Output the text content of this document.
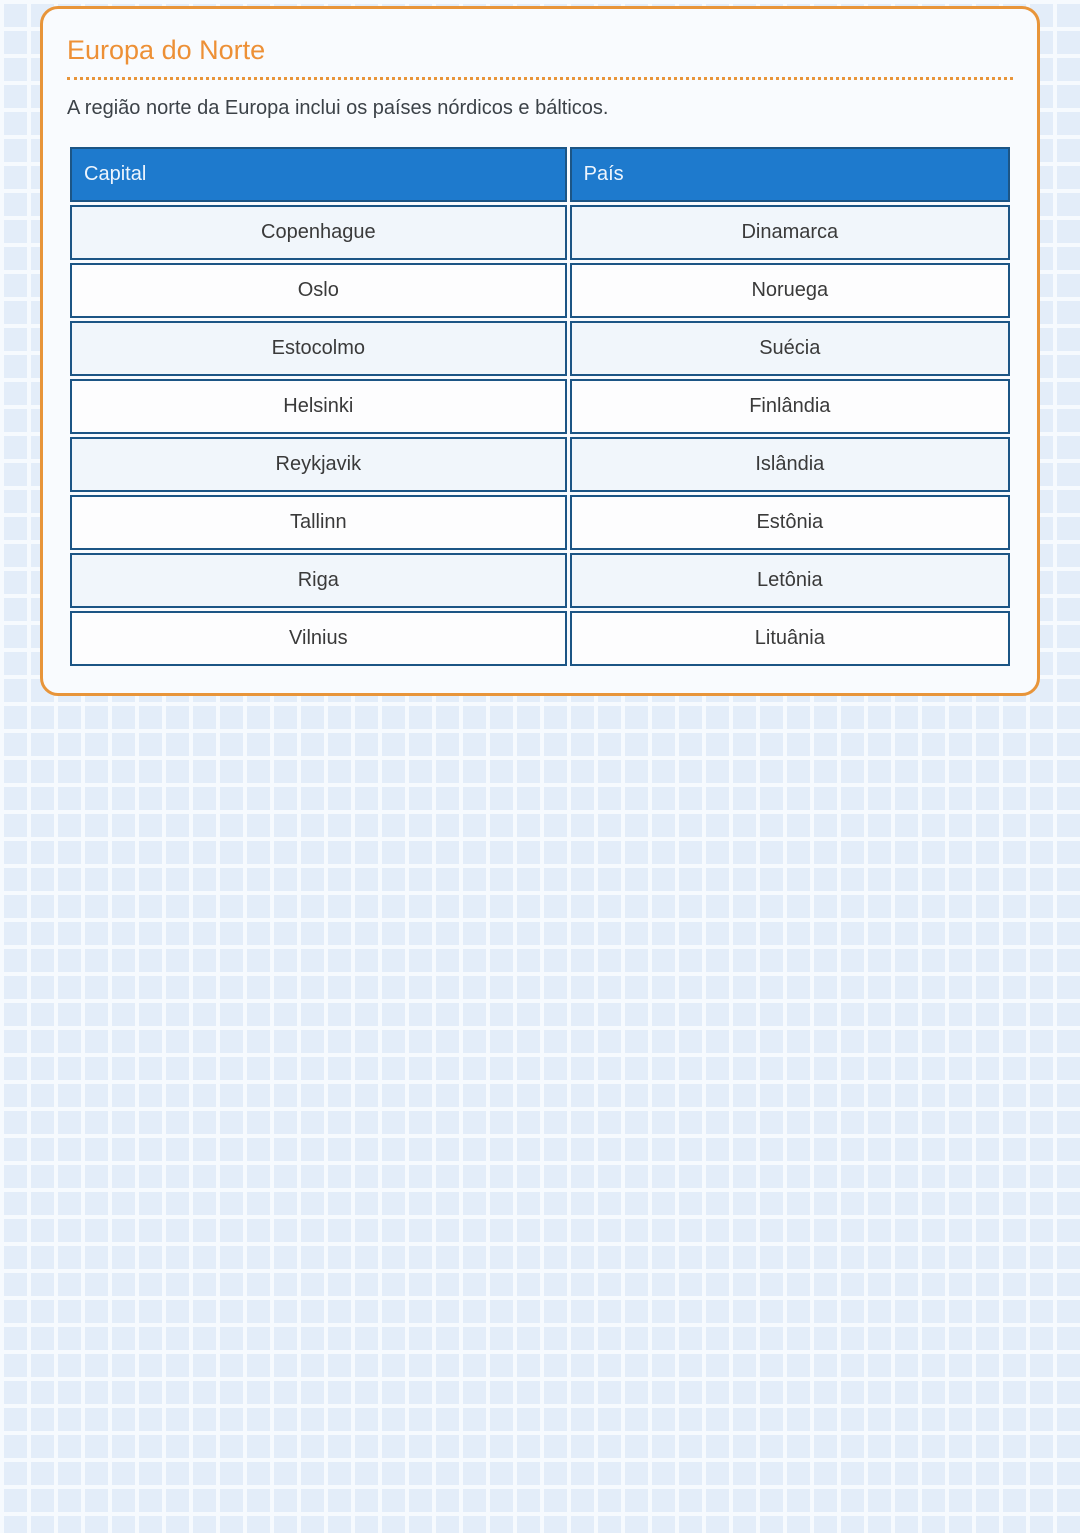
Europa do Norte

A região norte da Europa inclui os países nórdicos e bálticos.

Capital	País
Copenhague	Dinamarca
Oslo	Noruega
Estocolmo	Suécia
Helsinki	Finlândia
Reykjavik	Islândia
Tallinn	Estônia
Riga	Letônia
Vilnius	Lituânia
